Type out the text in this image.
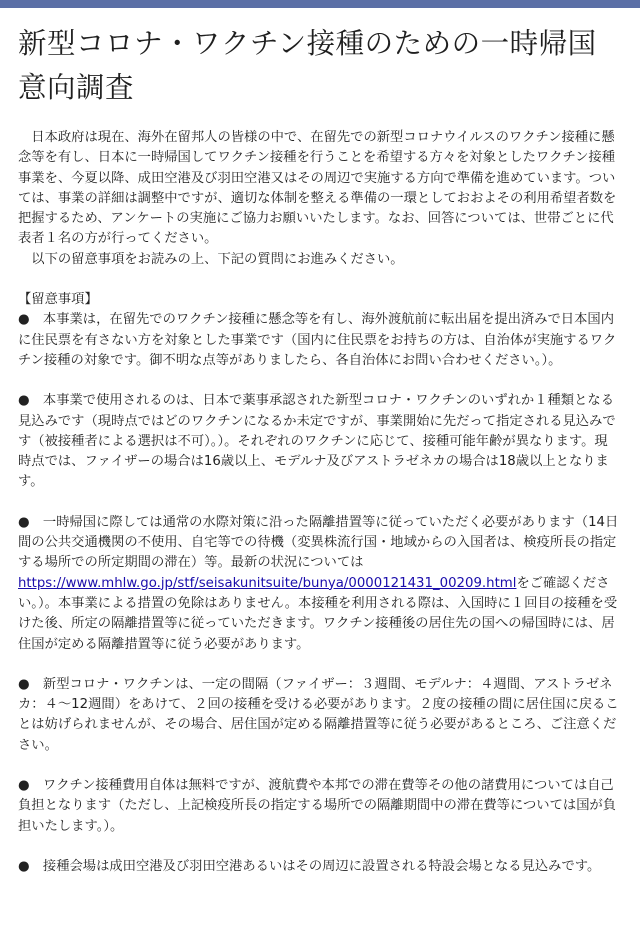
新型コロナ・ワクチン接種のための一時帰国意向調査

日本政府は現在、海外在留邦人の皆様の中で、在留先での新型コロナウイルスのワクチン接種に懸念等を有し、日本に一時帰国してワクチン接種を行うことを希望する方々を対象としたワクチン接種事業を、今夏以降、成田空港及び羽田空港又はその周辺で実施する方向で準備を進めています。ついては、事業の詳細は調整中ですが、適切な体制を整える準備の一環としておおよその利用希望者数を把握するため、アンケートの実施にご協力お願いいたします。なお、回答については、世帯ごとに代表者１名の方が行ってください。

以下の留意事項をお読みの上、下記の質問にお進みください。

【留意事項】

●　本事業は，在留先でのワクチン接種に懸念等を有し、海外渡航前に転出届を提出済みで日本国内に住民票を有さない方を対象とした事業です（国内に住民票をお持ちの方は、自治体が実施するワクチン接種の対象です。御不明な点等がありましたら、各自治体にお問い合わせください。）。

●　本事業で使用されるのは、日本で薬事承認された新型コロナ・ワクチンのいずれか１種類となる見込みです（現時点ではどのワクチンになるか未定ですが、事業開始に先だって指定される見込みです（被接種者による選択は不可）。）。それぞれのワクチンに応じて、接種可能年齢が異なります。現時点では、ファイザーの場合は16歳以上、モデルナ及びアストラゼネカの場合は18歳以上となります。

●　一時帰国に際しては通常の水際対策に沿った隔離措置等に従っていただく必要があります（14日間の公共交通機関の不使用、自宅等での待機（変異株流行国・地域からの入国者は、検疫所長の指定する場所での所定期間の滞在）等。最新の状況についてはhttps://www.mhlw.go.jp/stf/seisakunitsuite/bunya/0000121431_00209.htmlをご確認ください。）。本事業による措置の免除はありません。本接種を利用される際は、入国時に１回目の接種を受けた後、所定の隔離措置等に従っていただきます。ワクチン接種後の居住先の国への帰国時には、居住国が定める隔離措置等に従う必要があります。

●　新型コロナ・ワクチンは、一定の間隔（ファイザー：３週間、モデルナ：４週間、アストラゼネカ：４～12週間）をあけて、２回の接種を受ける必要があります。２度の接種の間に居住国に戻ることは妨げられませんが、その場合、居住国が定める隔離措置等に従う必要があるところ、ご注意ください。

●　ワクチン接種費用自体は無料ですが、渡航費や本邦での滞在費等その他の諸費用については自己負担となります（ただし、上記検疫所長の指定する場所での隔離期間中の滞在費等については国が負担いたします。）。

●　接種会場は成田空港及び羽田空港あるいはその周辺に設置される特設会場となる見込みです。
